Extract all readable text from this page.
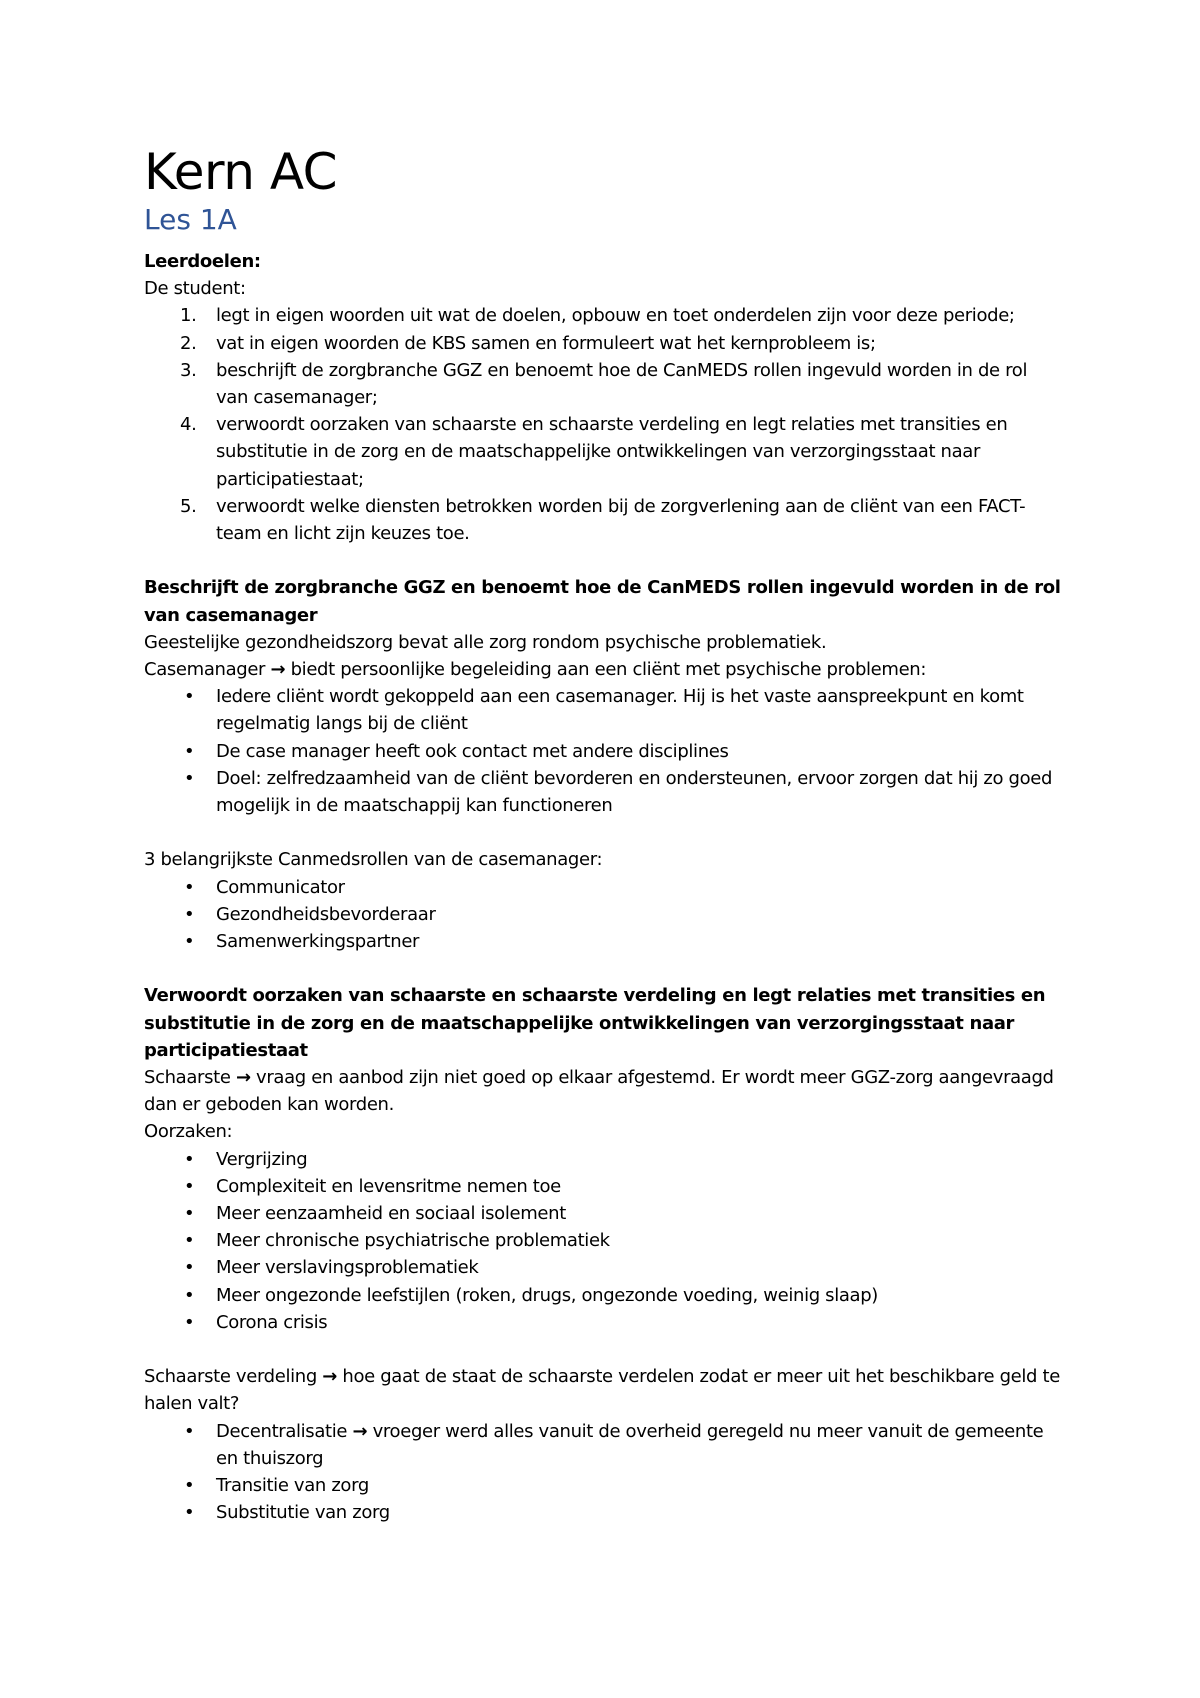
Kern AC
Les 1A

Leerdoelen:

De student:

1. legt in eigen woorden uit wat de doelen, opbouw en toet onderdelen zijn voor deze periode;
2. vat in eigen woorden de KBS samen en formuleert wat het kernprobleem is;
3. beschrijft de zorgbranche GGZ en benoemt hoe de CanMEDS rollen ingevuld worden in de rol van casemanager;
4. verwoordt oorzaken van schaarste en schaarste verdeling en legt relaties met transities en substitutie in de zorg en de maatschappelijke ontwikkelingen van verzorgingsstaat naar participatiestaat;
5. verwoordt welke diensten betrokken worden bij de zorgverlening aan de cliënt van een FACT-team en licht zijn keuzes toe.

Beschrijft de zorgbranche GGZ en benoemt hoe de CanMEDS rollen ingevuld worden in de rol van casemanager

Geestelijke gezondheidszorg bevat alle zorg rondom psychische problematiek.

Casemanager → biedt persoonlijke begeleiding aan een cliënt met psychische problemen:

• Iedere cliënt wordt gekoppeld aan een casemanager. Hij is het vaste aanspreekpunt en komt regelmatig langs bij de cliënt
• De case manager heeft ook contact met andere disciplines
• Doel: zelfredzaamheid van de cliënt bevorderen en ondersteunen, ervoor zorgen dat hij zo goed mogelijk in de maatschappij kan functioneren

3 belangrijkste Canmedsrollen van de casemanager:

• Communicator
• Gezondheidsbevorderaar
• Samenwerkingspartner

Verwoordt oorzaken van schaarste en schaarste verdeling en legt relaties met transities en substitutie in de zorg en de maatschappelijke ontwikkelingen van verzorgingsstaat naar participatiestaat

Schaarste → vraag en aanbod zijn niet goed op elkaar afgestemd. Er wordt meer GGZ-zorg aangevraagd dan er geboden kan worden.

Oorzaken:

• Vergrijzing
• Complexiteit en levensritme nemen toe
• Meer eenzaamheid en sociaal isolement
• Meer chronische psychiatrische problematiek
• Meer verslavingsproblematiek
• Meer ongezonde leefstijlen (roken, drugs, ongezonde voeding, weinig slaap)
• Corona crisis

Schaarste verdeling → hoe gaat de staat de schaarste verdelen zodat er meer uit het beschikbare geld te halen valt?

• Decentralisatie → vroeger werd alles vanuit de overheid geregeld nu meer vanuit de gemeente en thuiszorg
• Transitie van zorg
• Substitutie van zorg
